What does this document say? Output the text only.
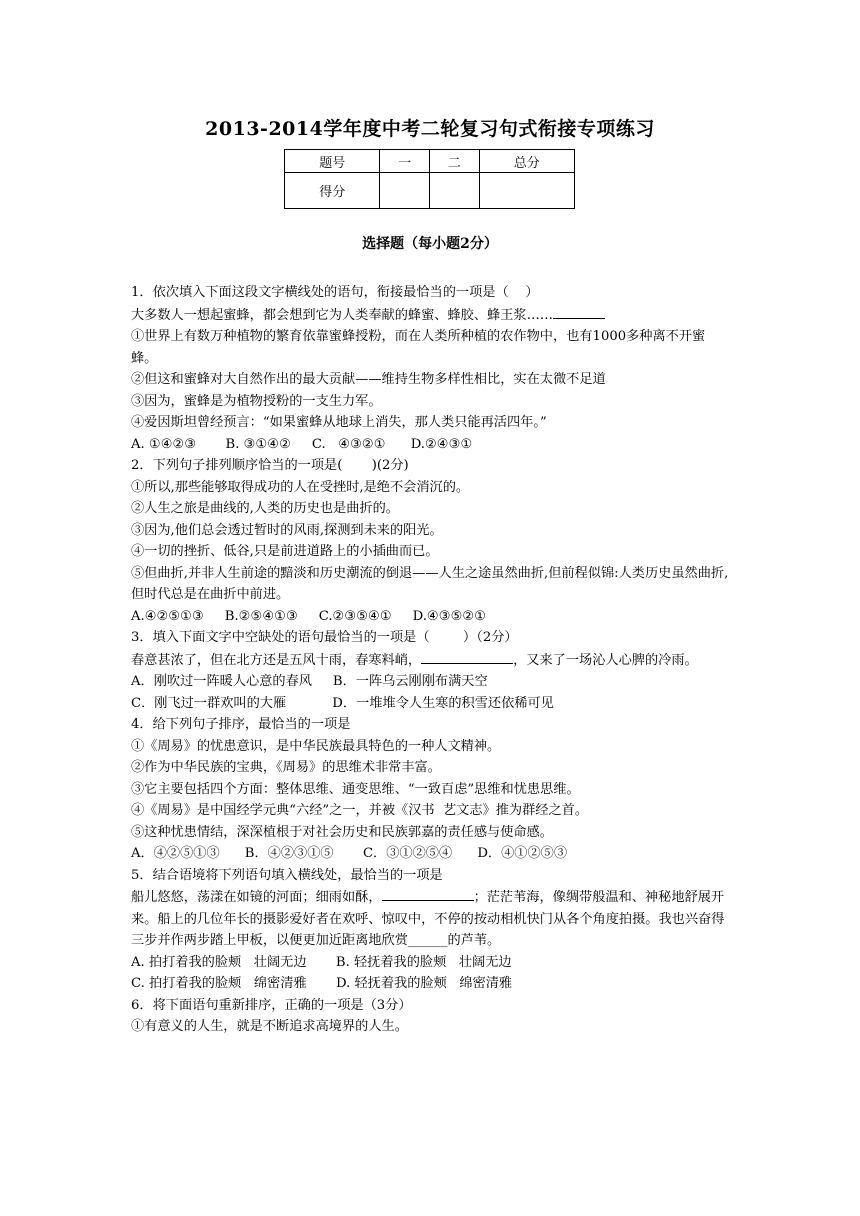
2013-2014学年度中考二轮复习句式衔接专项练习
题号	一	二	总分
得分			
选择题（每小题2分）
1．依次填入下面这段文字横线处的语句，衔接最恰当的一项是（    ）
大多数人一想起蜜蜂，都会想到它为人类奉献的蜂蜜、蜂胶、蜂王浆……
①世界上有数万种植物的繁育依靠蜜蜂授粉，而在人类所种植的农作物中，也有1000多种离不开蜜蜂。
②但这和蜜蜂对大自然作出的最大贡献——维持生物多样性相比，实在太微不足道
③因为，蜜蜂是为植物授粉的一支生力军。
④爱因斯坦曾经预言：“如果蜜蜂从地球上消失，那人类只能再活四年。”
A. ①④②③       B. ③①④②     C.   ④③②①      D.②④③①
2．下列句子排列顺序恰当的一项是(       )(2分)
①所以,那些能够取得成功的人在受挫时,是绝不会消沉的。
②人生之旅是曲线的,人类的历史也是曲折的。
③因为,他们总会透过暂时的风雨,探测到未来的阳光。
④一切的挫折、低谷,只是前进道路上的小插曲而已。
⑤但曲折,并非人生前途的黯淡和历史潮流的倒退——人生之途虽然曲折,但前程似锦:人类历史虽然曲折,但时代总是在曲折中前进。
A.④②⑤①③     B.②⑤④①③     C.②③⑤④①     D.④③⑤②①
3．填入下面文字中空缺处的语句最恰当的一项是（        ）（2分）
春意甚浓了，但在北方还是五风十雨，春寒料峭，	，又来了一场沁人心脾的冷雨。
A．刚吹过一阵暖人心意的春风     B．一阵乌云刚刚布满天空
C．刚飞过一群欢叫的大雁           D．一堆堆令人生寒的积雪还依稀可见
4．给下列句子排序，最恰当的一项是
①《周易》的忧患意识，是中华民族最具特色的一种人文精神。
②作为中华民族的宝典，《周易》的思维术非常丰富。
③它主要包括四个方面：整体思维、通变思维、“一致百虑”思维和忧患思维。
④《周易》是中国经学元典“六经”之一，并被《汉书  艺文志》推为群经之首。
⑤这种忧患情结，深深植根于对社会历史和民族郭嘉的责任感与使命感。
A．④②⑤①③      B．④②③①⑤       C．③①②⑤④      D．④①②⑤③
5．结合语境将下列语句填入横线处，最恰当的一项是
船儿悠悠，荡漾在如镜的河面；细雨如酥，	；茫茫苇海，像绸带般温和、神秘地舒展开来。船上的几位年长的摄影爱好者在欢呼、惊叹中，不停的按动相机快门从各个角度拍摄。我也兴奋得三步并作两步踏上甲板，以便更加近距离地欣赏______的芦苇。
A. 拍打着我的脸颊   壮阔无边       B. 轻抚着我的脸颊   壮阔无边
C. 拍打着我的脸颊   绵密清雅       D. 轻抚着我的脸颊   绵密清雅
6．将下面语句重新排序，正确的一项是（3分）
①有意义的人生，就是不断追求高境界的人生。
